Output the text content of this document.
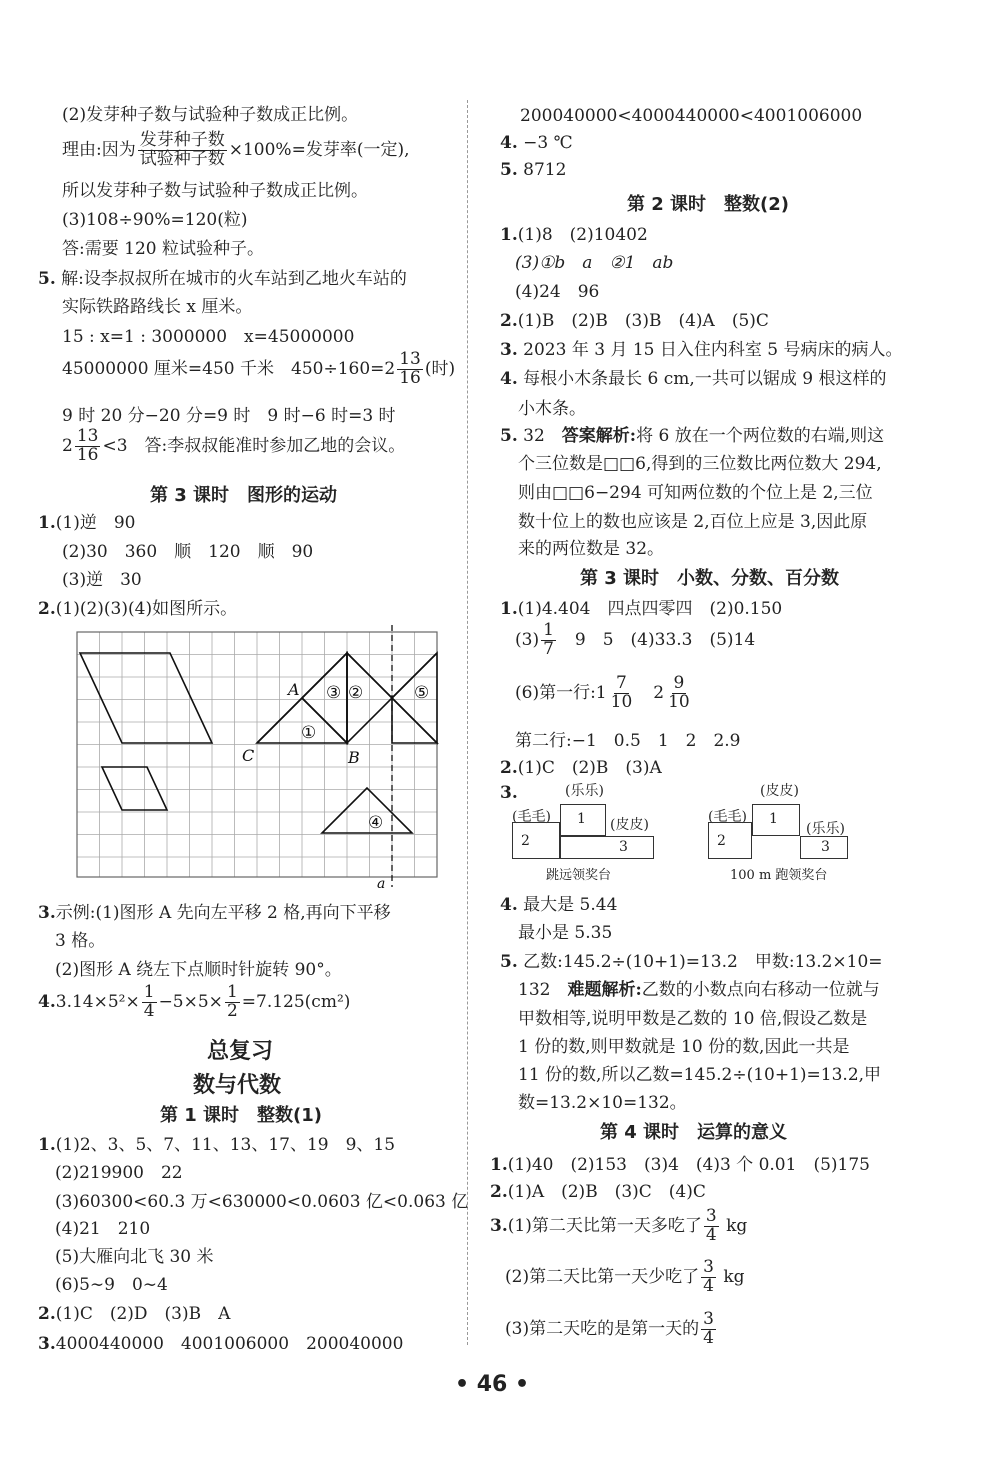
(2)发芽种子数与试验种子数成正比例。
理由:因为 $\frac{\text{发芽种子数}}{\text{试验种子数}} \times 100\%=$发芽率(一定),
所以发芽种子数与试验种子数成正比例。
(3)108÷90%=120(粒)
答:需要 120 粒试验种子。
5. 解:设李叔叔所在城市的火车站到乙地火车站的
实际铁路路线长 x 厘米。
15 : x=1 : 3000000　x=45000000
45000000 厘米=450 千米　$450\div 160=2 \frac{13}{16}$ (时)
9 时 20 分−20 分=9 时　9 时−6 时=3 时
$2 \frac{13}{16} <3$　答:李叔叔能准时参加乙地的会议。
第 3 课时　图形的运动
1.(1)逆　90
(2)30　360　顺　120　顺　90
(3)逆　30
2.(1)(2)(3)(4)如图所示。
A
B
C
a
①
②
③
④
⑤
3.示例:(1)图形 A 先向左平移 2 格,再向下平移
3 格。
(2)图形 A 绕左下点顺时针旋转 90°。
$4.3.14\times 5^2\times \frac{1}{4} -5\times 5\times \frac{1}{2} =7.125(cm^2)$
总复习
数与代数
第 1 课时　整数(1)
1.(1)2、3、5、7、11、13、17、19　9、15
(2)219900　22
(3)60300<60.3 万<630000<0.0603 亿<0.063 亿
(4)21　210
(5)大雁向北飞 30 米
(6)5∼9　0∼4
2.(1)C　(2)D　(3)B　A
3.4000440000　4001006000　200040000
200040000<4000440000<4001006000
4. −3 ℃
5. 8712
第 2 课时　整数(2)
1.(1)8　(2)10402
(3)①b　a　②1　ab
(4)24　96
2.(1)B　(2)B　(3)B　(4)A　(5)C
3. 2023 年 3 月 15 日入住内科室 5 号病床的病人。
4. 每根小木条最长 6 cm,一共可以锯成 9 根这样的
小木条。
5. 32　答案解析:将 6 放在一个两位数的右端,则这
个三位数是□□6,得到的三位数比两位数大 294,
则由□□6−294 可知两位数的个位上是 2,三位
数十位上的数也应该是 2,百位上应是 3,因此原
来的两位数是 32。
第 3 课时　小数、分数、百分数
1.(1)4.404　四点四零四　(2)0.150
$(3) \frac{1}{7}$ 　9　5　(4)33.3　(5)14
(6)第一行:1 $\frac{7}{10}$ 　$2 \frac{9}{10}$
第二行:−1　0.5　1　2　2.9
2.(1)C　(2)B　(3)A
3.	(乐乐)
(毛毛)	(皮皮)
1
2	3
跳远领奖台
(皮皮)
(毛毛)
(乐乐)
1
2	3
100 m 跑领奖台
4. 最大是 5.44
最小是 5.35
5. 乙数:145.2÷(10+1)=13.2　甲数:13.2×10=
132　难题解析:乙数的小数点向右移动一位就与
甲数相等,说明甲数是乙数的 10 倍,假设乙数是
1 份的数,则甲数就是 10 份的数,因此一共是
11 份的数,所以乙数=145.2÷(10+1)=13.2,甲
数=13.2×10=132。
第 4 课时　运算的意义
1.(1)40　(2)153　(3)4　(4)3 个 0.01　(5)175
2.(1)A　(2)B　(3)C　(4)C
3.(1)第二天比第一天多吃了 $\frac{3}{4}$ kg
(2)第二天比第一天少吃了 $\frac{3}{4}$ kg
(3)第二天吃的是第一天的 $\frac{3}{4}$
• 46 •
